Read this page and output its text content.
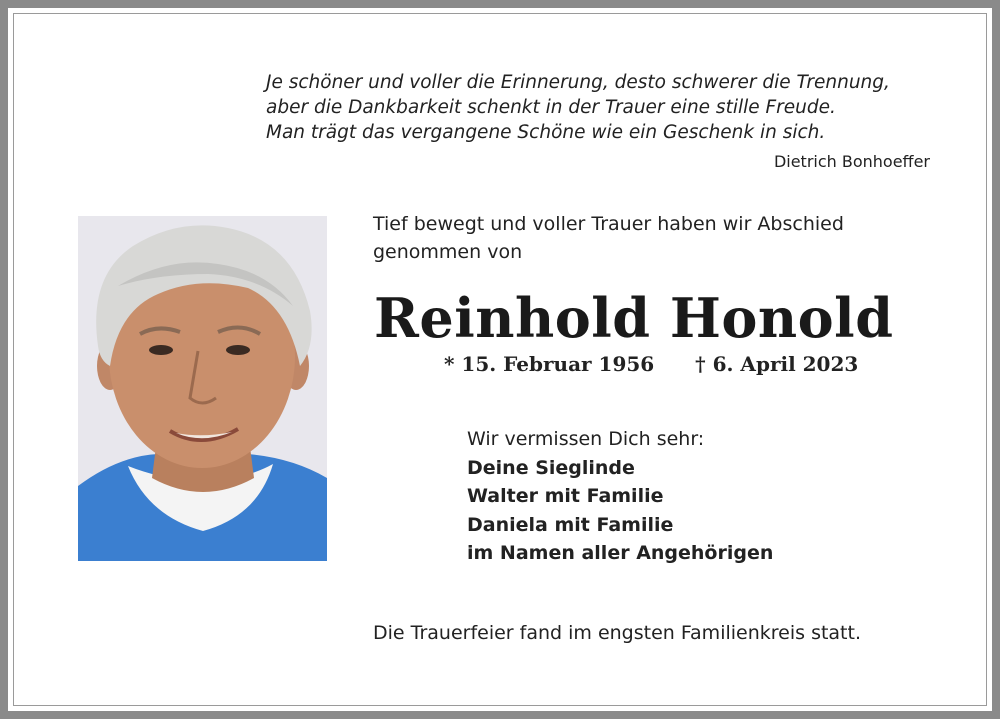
Je schöner und voller die Erinnerung, desto schwerer die Trennung,
aber die Dankbarkeit schenkt in der Trauer eine stille Freude.
Man trägt das vergangene Schöne wie ein Geschenk in sich.
Dietrich Bonhoeffer
Tief bewegt und voller Trauer haben wir Abschied genommen von
Reinhold Honold
* 15. Februar 1956 † 6. April 2023
Wir vermissen Dich sehr:
Deine Sieglinde
Walter mit Familie
Daniela mit Familie
im Namen aller Angehörigen
Die Trauerfeier fand im engsten Familienkreis statt.
